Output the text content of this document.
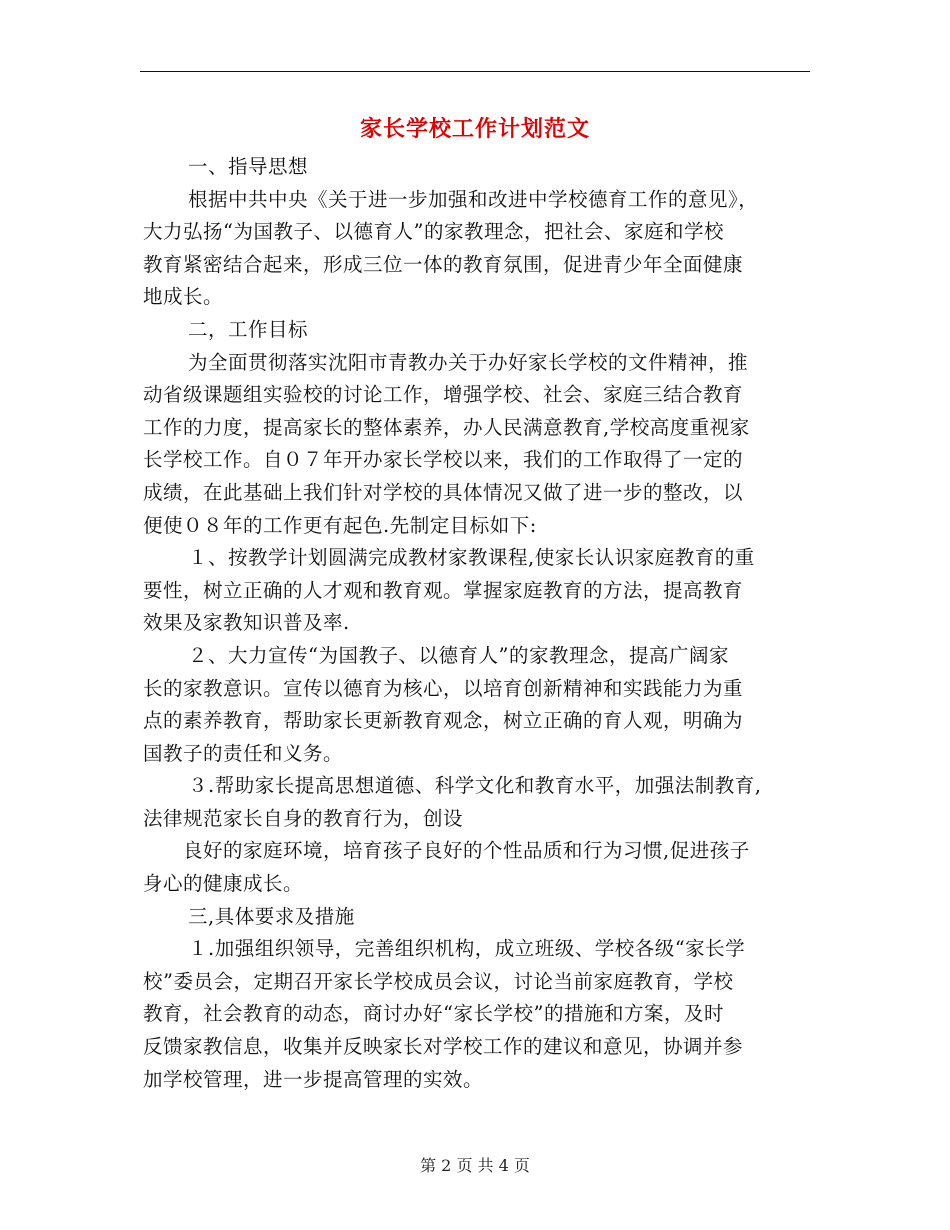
家长学校工作计划范文
一、指导思想
根据中共中央《关于进一步加强和改进中学校德育工作的意见》，
大力弘扬“为国教子、以德育人”的家教理念，把社会、家庭和学校
教育紧密结合起来，形成三位一体的教育氛围，促进青少年全面健康
地成长。
二，工作目标
为全面贯彻落实沈阳市青教办关于办好家长学校的文件精神，推
动省级课题组实验校的讨论工作，增强学校、社会、家庭三结合教育
工作的力度，提高家长的整体素养，办人民满意教育,学校高度重视家
长学校工作。自０７年开办家长学校以来，我们的工作取得了一定的
成绩，在此基础上我们针对学校的具体情况又做了进一步的整改，以
便使０８年的工作更有起色.先制定目标如下:
１、按教学计划圆满完成教材家教课程,使家长认识家庭教育的重
要性，树立正确的人才观和教育观。掌握家庭教育的方法，提高教育
效果及家教知识普及率.
２、大力宣传“为国教子、以德育人”的家教理念，提高广阔家
长的家教意识。宣传以德育为核心，以培育创新精神和实践能力为重
点的素养教育，帮助家长更新教育观念，树立正确的育人观，明确为
国教子的责任和义务。
３.帮助家长提高思想道德、科学文化和教育水平，加强法制教育,
法律规范家长自身的教育行为，创设
良好的家庭环境，培育孩子良好的个性品质和行为习惯,促进孩子
身心的健康成长。
三,具体要求及措施
１.加强组织领导，完善组织机构，成立班级、学校各级“家长学
校”委员会，定期召开家长学校成员会议，讨论当前家庭教育，学校
教育，社会教育的动态，商讨办好“家长学校”的措施和方案，及时
反馈家教信息，收集并反映家长对学校工作的建议和意见，协调并参
加学校管理，进一步提高管理的实效。
第 2 页 共 4 页
